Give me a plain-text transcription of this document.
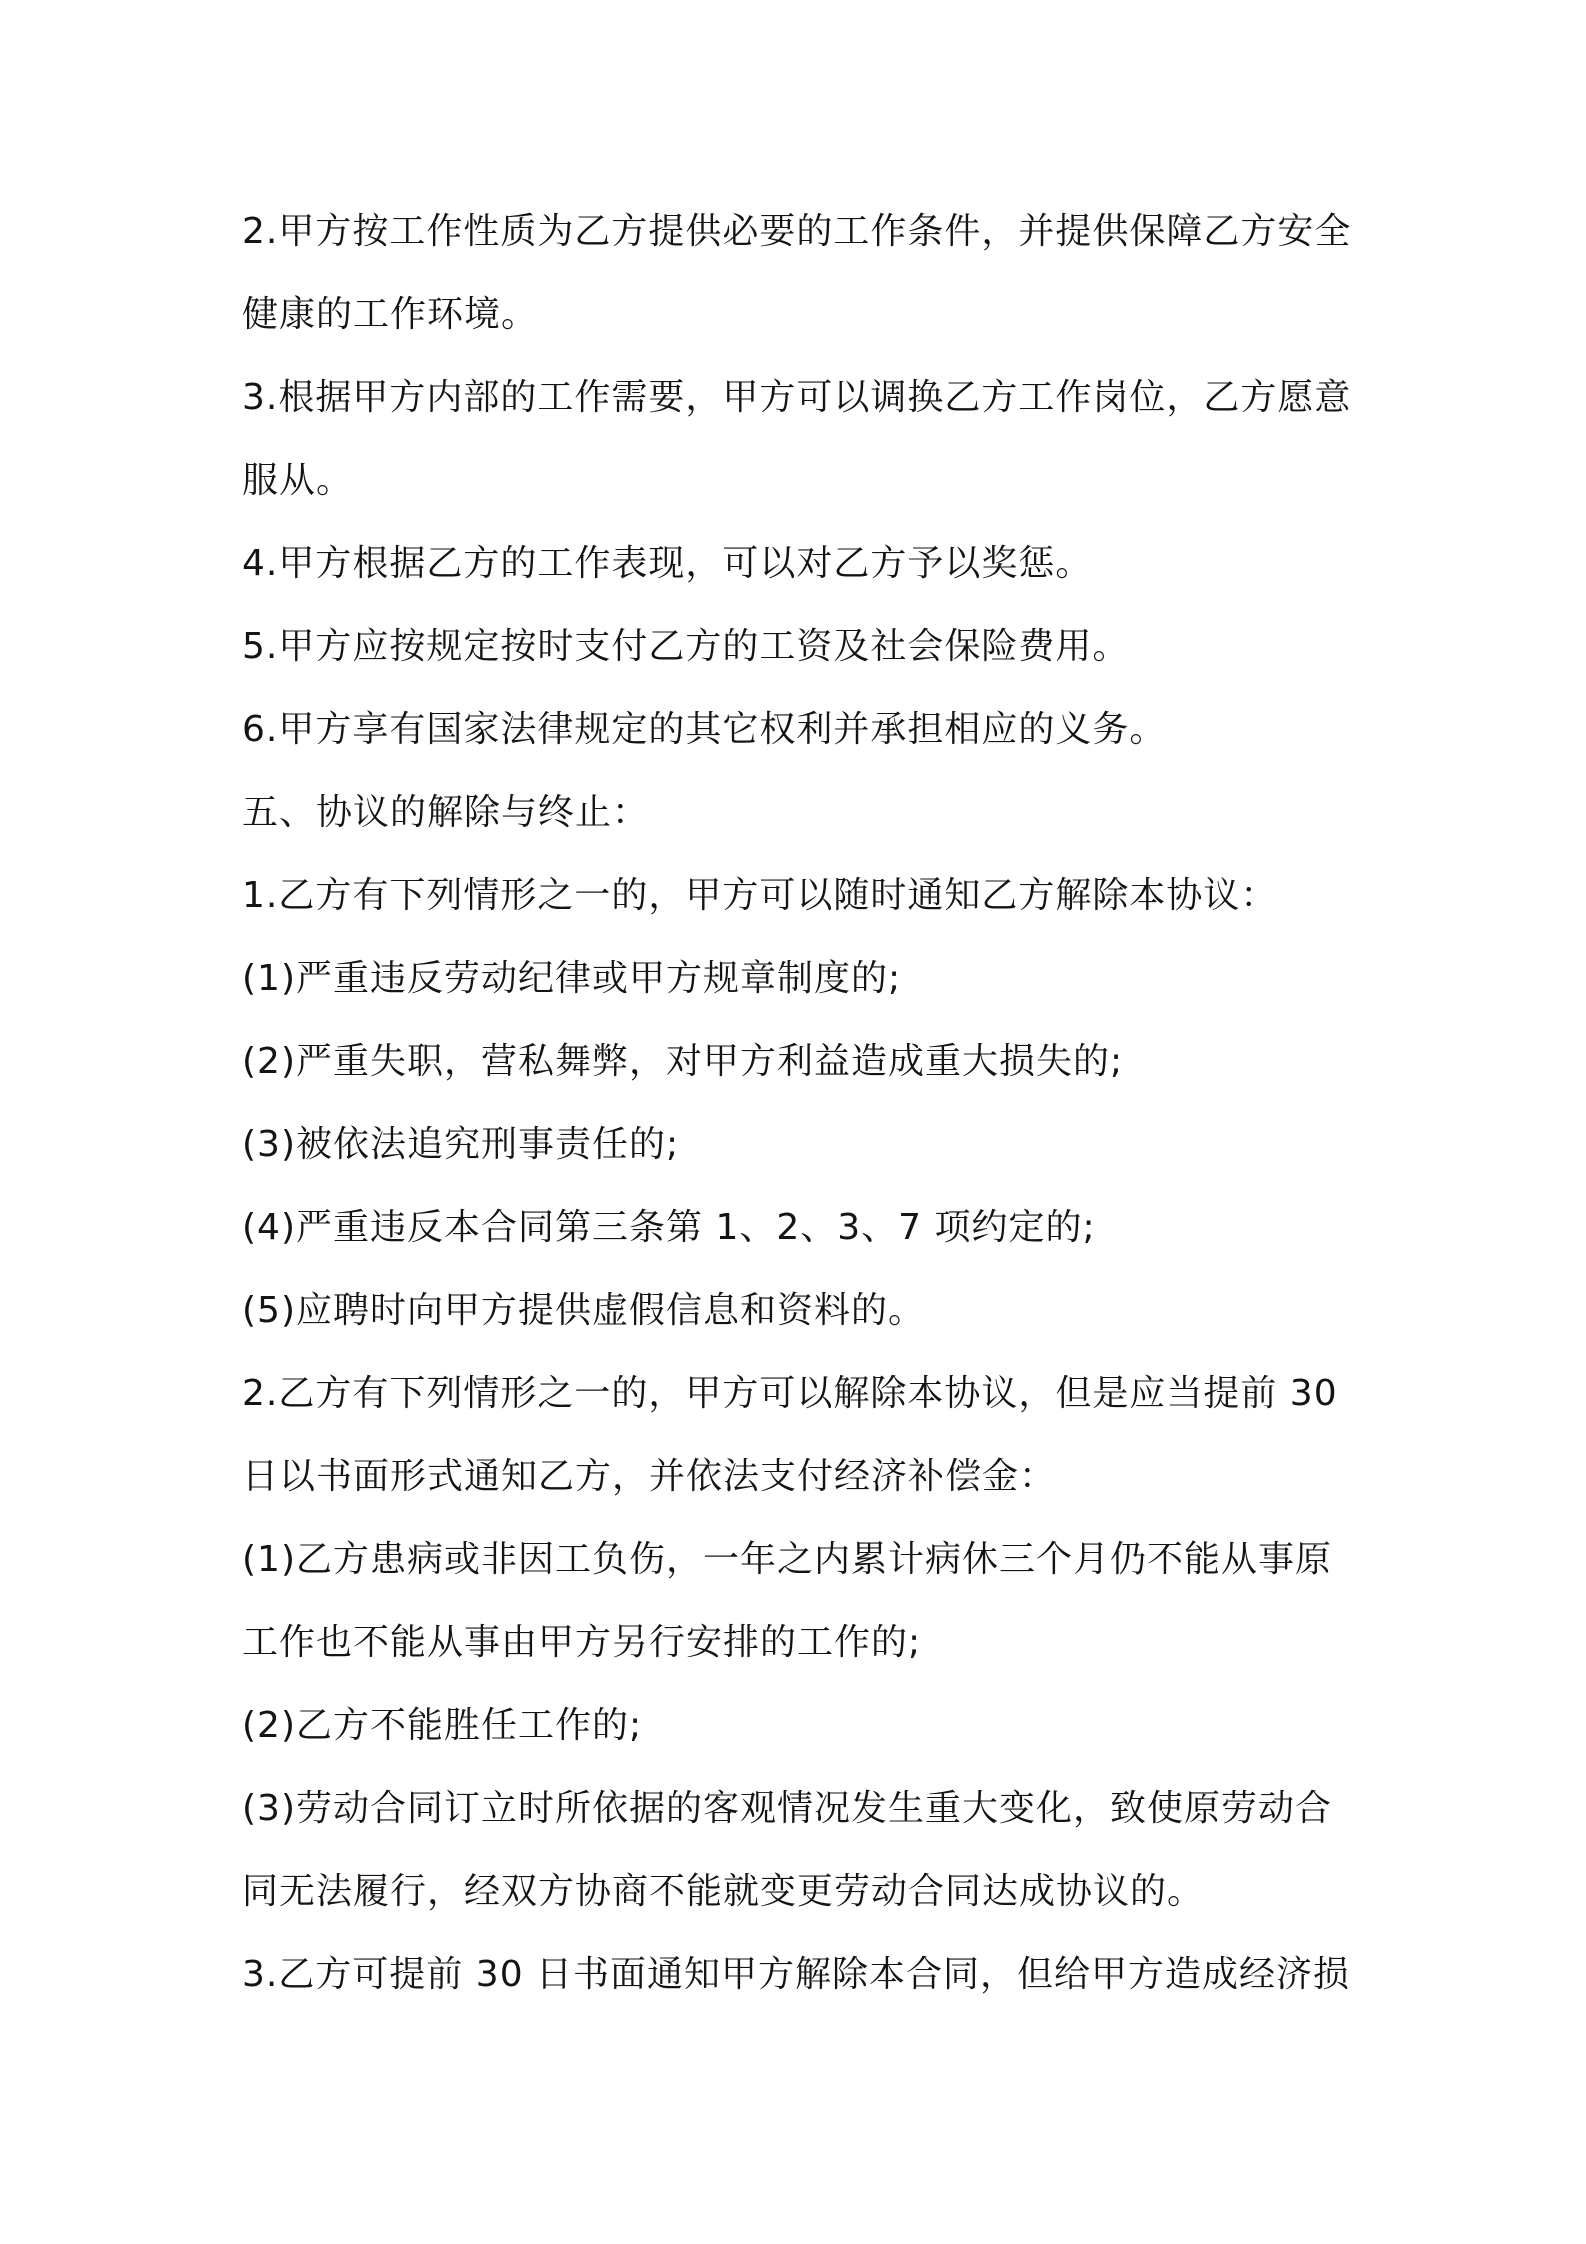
2.甲方按工作性质为乙方提供必要的工作条件，并提供保障乙方安全健康的工作环境。

3.根据甲方内部的工作需要，甲方可以调换乙方工作岗位，乙方愿意服从。

4.甲方根据乙方的工作表现，可以对乙方予以奖惩。

5.甲方应按规定按时支付乙方的工资及社会保险费用。

6.甲方享有国家法律规定的其它权利并承担相应的义务。

五、协议的解除与终止：

1.乙方有下列情形之一的，甲方可以随时通知乙方解除本协议：

(1)严重违反劳动纪律或甲方规章制度的;

(2)严重失职，营私舞弊，对甲方利益造成重大损失的;

(3)被依法追究刑事责任的;

(4)严重违反本合同第三条第 1、2、3、7 项约定的;

(5)应聘时向甲方提供虚假信息和资料的。

2.乙方有下列情形之一的，甲方可以解除本协议，但是应当提前 30 日以书面形式通知乙方，并依法支付经济补偿金：

(1)乙方患病或非因工负伤，一年之内累计病休三个月仍不能从事原工作也不能从事由甲方另行安排的工作的;

(2)乙方不能胜任工作的;

(3)劳动合同订立时所依据的客观情况发生重大变化，致使原劳动合同无法履行，经双方协商不能就变更劳动合同达成协议的。

3.乙方可提前 30 日书面通知甲方解除本合同，但给甲方造成经济损
